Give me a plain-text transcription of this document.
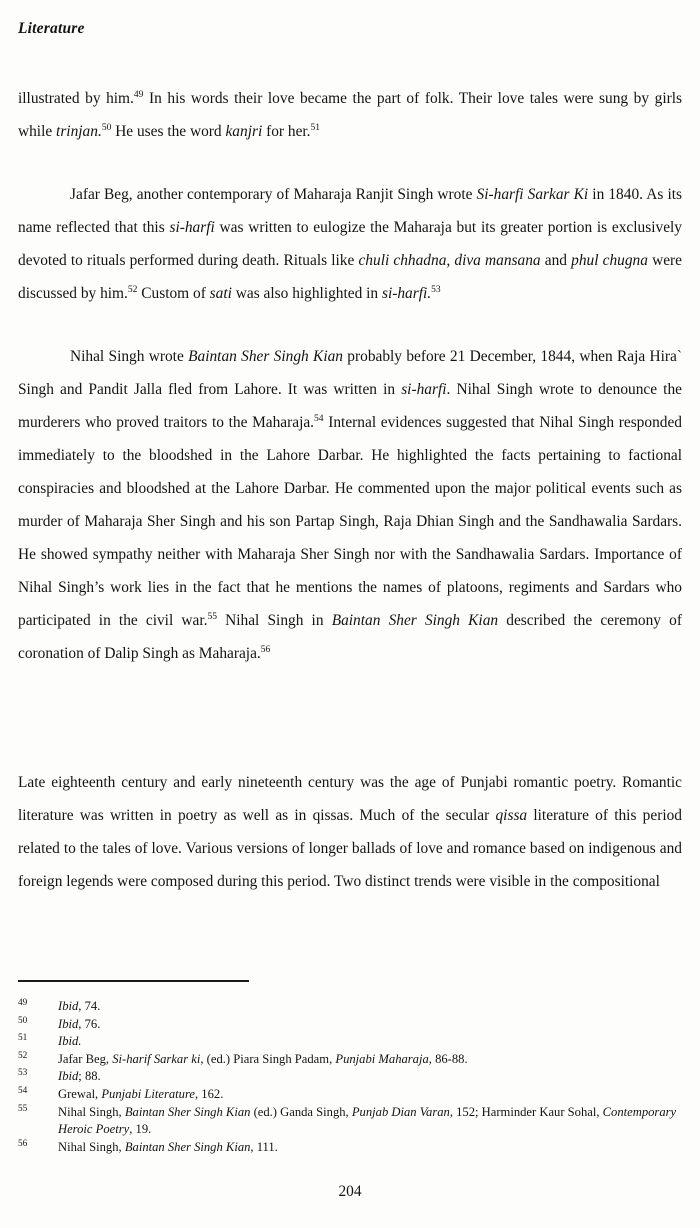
Literature

illustrated by him.$^{49}$ In his words their love became the part of folk. Their love tales were sung by girls while trinjan.$^{50}$ He uses the word kanjri for her.$^{51}$

Jafar Beg, another contemporary of Maharaja Ranjit Singh wrote Si-harfi Sarkar Ki in 1840. As its name reflected that this si-harfi was written to eulogize the Maharaja but its greater portion is exclusively devoted to rituals performed during death. Rituals like chuli chhadna, diva mansana and phul chugna were discussed by him.$^{52}$ Custom of sati was also highlighted in si-harfi.$^{53}$

Nihal Singh wrote Baintan Sher Singh Kian probably before 21 December, 1844, when Raja Hira` Singh and Pandit Jalla fled from Lahore. It was written in si-harfi. Nihal Singh wrote to denounce the murderers who proved traitors to the Maharaja.$^{54}$ Internal evidences suggested that Nihal Singh responded immediately to the bloodshed in the Lahore Darbar. He highlighted the facts pertaining to factional conspiracies and bloodshed at the Lahore Darbar. He commented upon the major political events such as murder of Maharaja Sher Singh and his son Partap Singh, Raja Dhian Singh and the Sandhawalia Sardars. He showed sympathy neither with Maharaja Sher Singh nor with the Sandhawalia Sardars. Importance of Nihal Singh’s work lies in the fact that he mentions the names of platoons, regiments and Sardars who participated in the civil war.$^{55}$ Nihal Singh in Baintan Sher Singh Kian described the ceremony of coronation of Dalip Singh as Maharaja.$^{56}$

Late eighteenth century and early nineteenth century was the age of Punjabi romantic poetry. Romantic literature was written in poetry as well as in qissas. Much of the secular qissa literature of this period related to the tales of love. Various versions of longer ballads of love and romance based on indigenous and foreign legends were composed during this period. Two distinct trends were visible in the compositional

49 Ibid, 74.
50 Ibid, 76.
51 Ibid.
52 Jafar Beg, Si-harif Sarkar ki, (ed.) Piara Singh Padam, Punjabi Maharaja, 86-88.
53 Ibid; 88.
54 Grewal, Punjabi Literature, 162.
55 Nihal Singh, Baintan Sher Singh Kian (ed.) Ganda Singh, Punjab Dian Varan, 152; Harminder Kaur Sohal, Contemporary Heroic Poetry, 19.
56 Nihal Singh, Baintan Sher Singh Kian, 111.
204
